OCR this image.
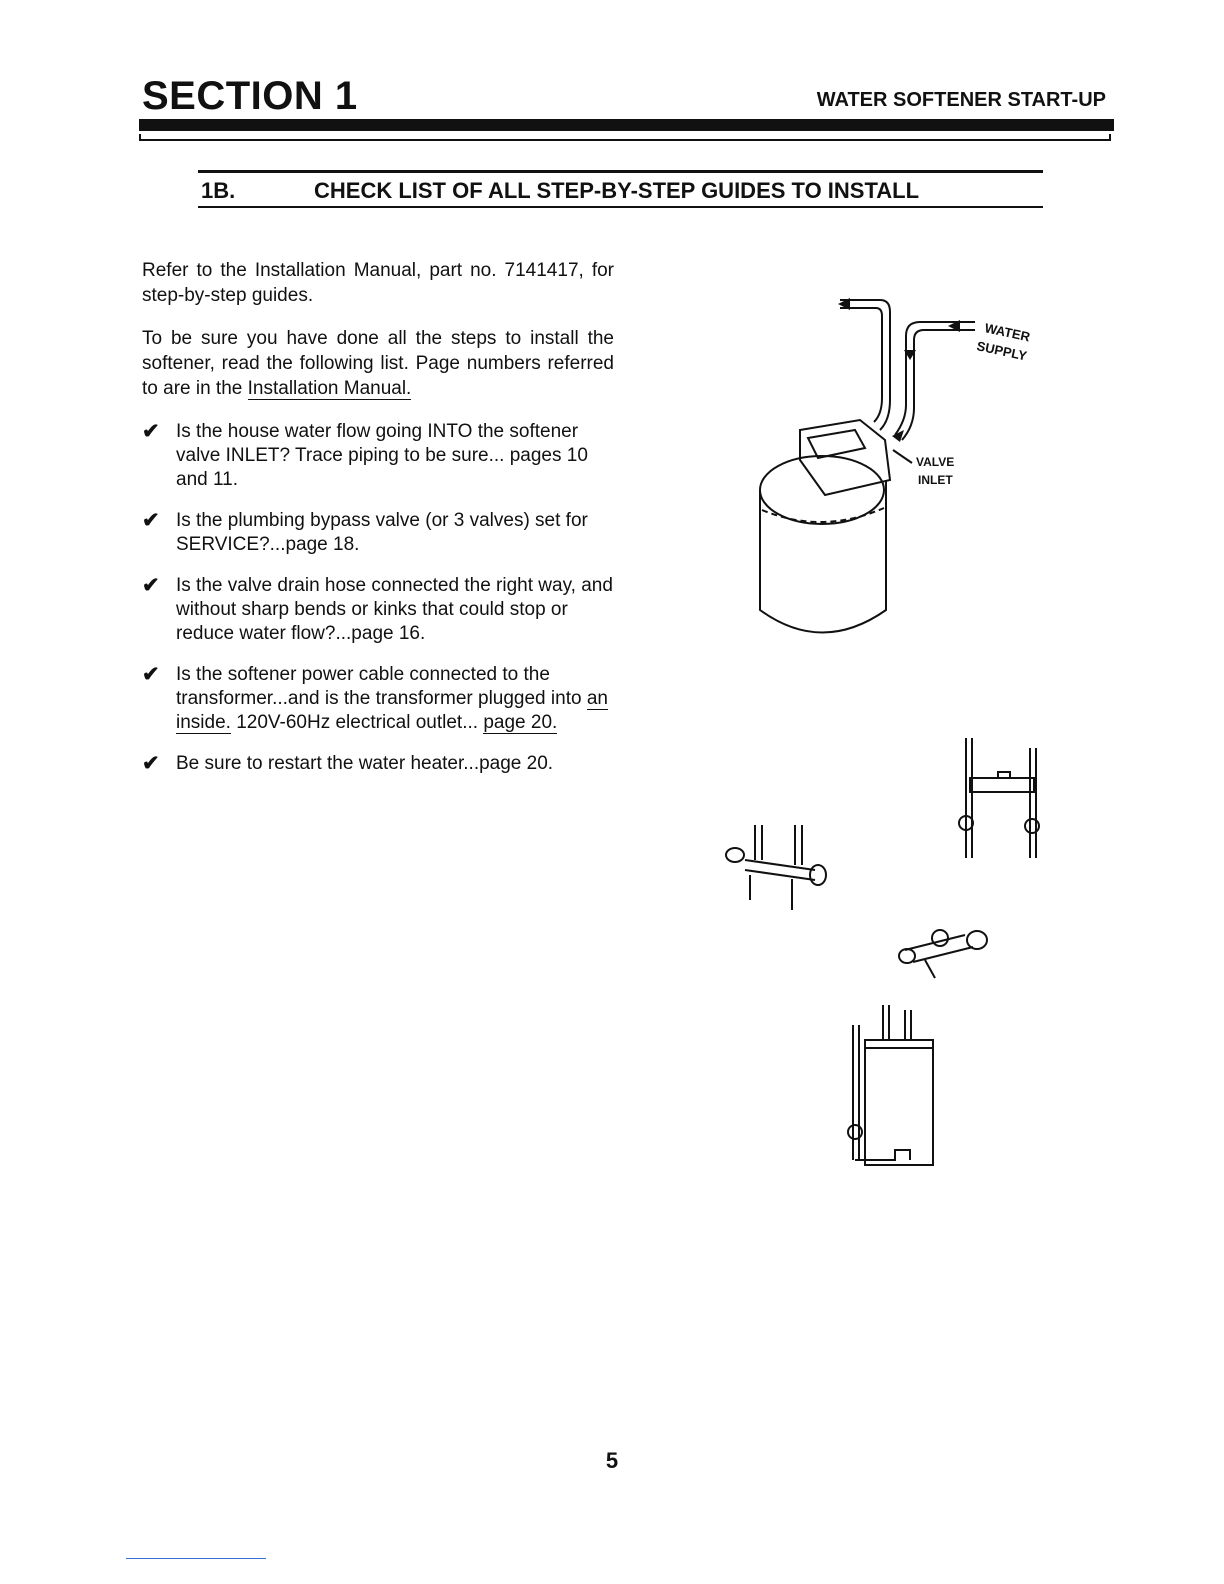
SECTION 1	WATER SOFTENER START-UP
1B.	CHECK LIST OF ALL STEP-BY-STEP GUIDES TO INSTALL
Refer to the Installation Manual, part no. 7141417, for step-by-step guides.
To be sure you have done all the steps to install the softener, read the following list. Page numbers referred to are in the Installation Manual.
✔ Is the house water flow going INTO the softener valve INLET? Trace piping to be sure... pages 10 and 11.
✔ Is the plumbing bypass valve (or 3 valves) set for SERVICE?...page 18.
✔ Is the valve drain hose connected the right way, and without sharp bends or kinks that could stop or reduce water flow?...page 16.
✔ Is the softener power cable connected to the transformer...and is the transformer plugged into an inside. 120V-60Hz electrical outlet... page 20.
✔ Be sure to restart the water heater...page 20.
WATER
SUPPLY
VALVE
INLET
5
